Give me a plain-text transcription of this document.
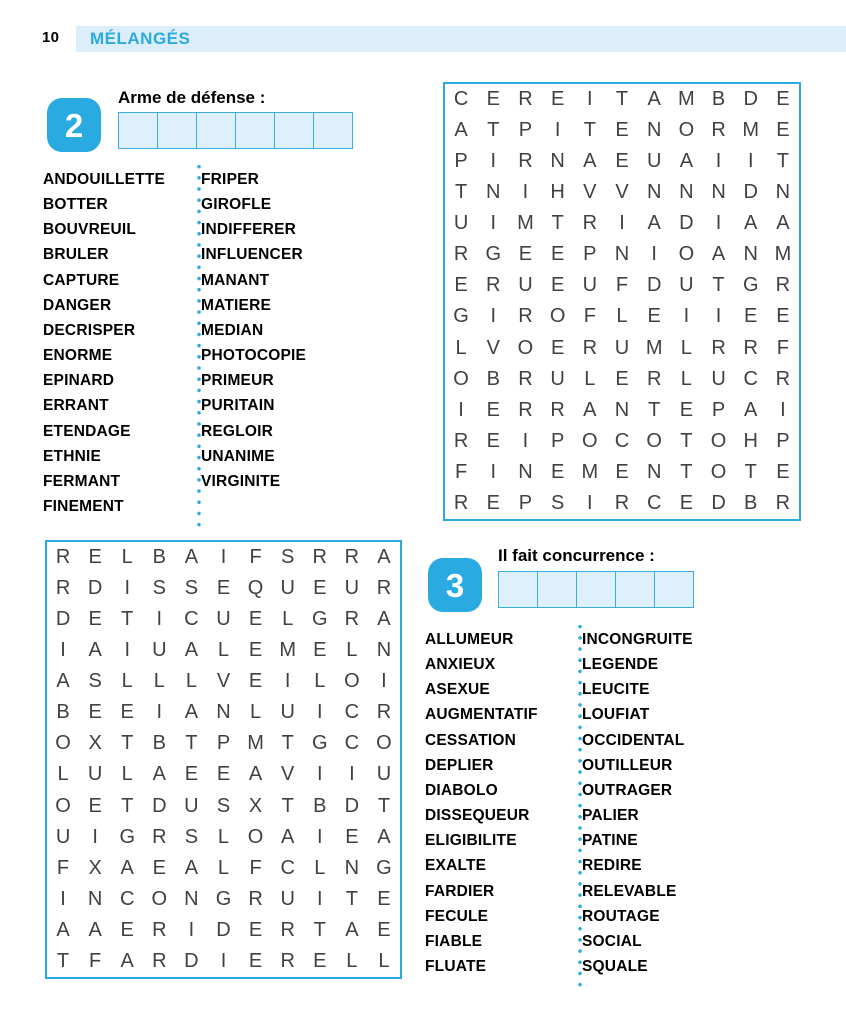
10 MÉLANGÉS
2
Arme de défense :
ANDOUILLETTE
BOTTER
BOUVREUIL
BRULER
CAPTURE
DANGER
DECRISPER
ENORME
EPINARD
ERRANT
ETENDAGE
ETHNIE
FERMANT
FINEMENT
FRIPER
GIROFLE
INDIFFERER
INFLUENCER
MANANT
MATIERE
MEDIAN
PHOTOCOPIE
PRIMEUR
PURITAIN
REGLOIR
UNANIME
VIRGINITE
C E R E	I	T A M B D E
A T P	I	T E N O R M E
P	I	R N A E U A	I	I	T
T N	I	H V V N N N D N
U	I	M T R	I	A D	I	A A
R G E E P N	I	O A N M
E R U E U F D U T G R
G	I	R O F	L E	I	I	E E
L V O E R U M L R R F
O B R U L E R L U C R
I	E R R A N T E P A	I
R E	I	P O C O T O H P
F	I	N E M E N T O T E
R E P S	I	R C E D B R
R E L B A	I	F S R R A
R D	I	S S E Q U E U R
D E T	I	C U E L G R A
I	A	I	U A L E M E L N
A S L	L	L V E	I	L O	I
B E E	I	A N L U	I	C R
O X T B T P M T G C O
L U L A E E A V	I	I	U
O E T D U S X T B D T
U	I	G R S L O A	I	E A
F X A E A L	F C L N G
I	N C O N G R U	I	T E
A A E R	I	D E R T A E
T F A R D	I	E R E L	L
3
Il fait concurrence :
ALLUMEUR
ANXIEUX
ASEXUE
AUGMENTATIF
CESSATION
DEPLIER
DIABOLO
DISSEQUEUR
ELIGIBILITE
EXALTE
FARDIER
FECULE
FIABLE
FLUATE
INCONGRUITE
LEGENDE
LEUCITE
LOUFIAT
OCCIDENTAL
OUTILLEUR
OUTRAGER
PALIER
PATINE
REDIRE
RELEVABLE
ROUTAGE
SOCIAL
SQUALE
